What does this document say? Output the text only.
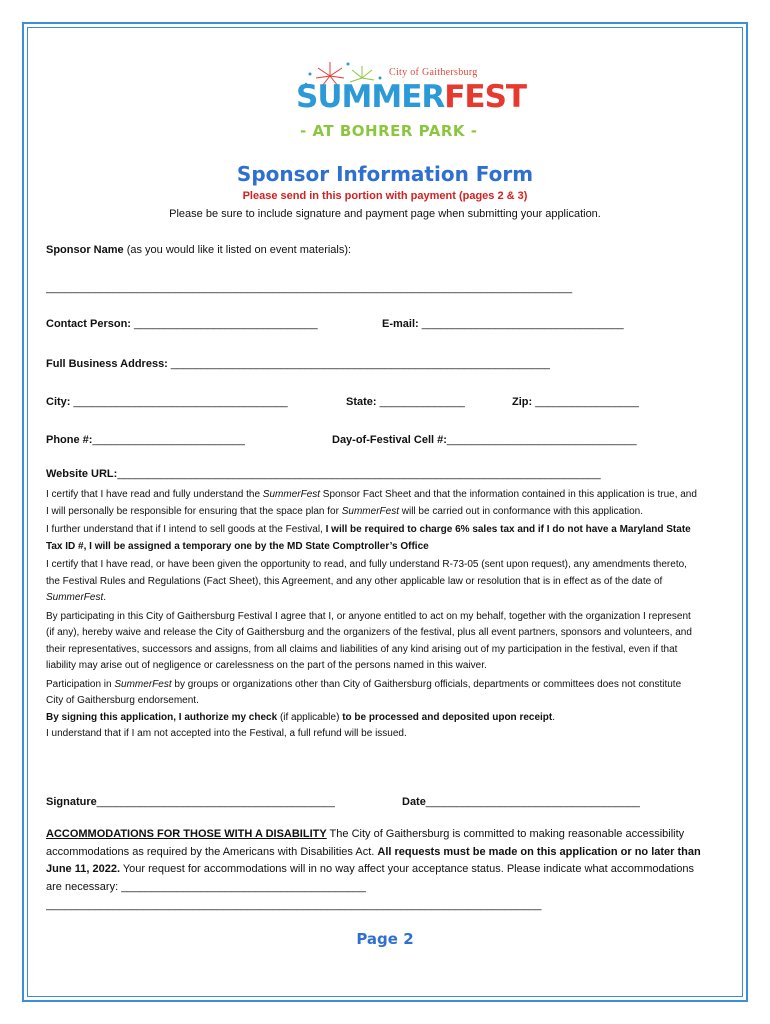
City of Gaithersburg
SUMMERFEST
- AT BOHRER PARK -
Sponsor Information Form
Please send in this portion with payment (pages 2 & 3)
Please be sure to include signature and payment page when submitting your application.
Sponsor Name (as you would like it listed on event materials):
______________________________________________________________________________________
Contact Person: ______________________________	E-mail: _________________________________
Full Business Address: ______________________________________________________________
City: ___________________________________	State: ______________	Zip: _________________
Phone #:_________________________	Day-of-Festival Cell #:_______________________________
Website URL:_______________________________________________________________________________

I certify that I have read and fully understand the SummerFest Sponsor Fact Sheet and that the information contained in this application is true, and I will personally be responsible for ensuring that the space plan for SummerFest will be carried out in conformance with this application.

I further understand that if I intend to sell goods at the Festival, I will be required to charge 6% sales tax and if I do not have a Maryland State Tax ID #, I will be assigned a temporary one by the MD State Comptroller’s Office

I certify that I have read, or have been given the opportunity to read, and fully understand R-73-05 (sent upon request), any amendments thereto, the Festival Rules and Regulations (Fact Sheet), this Agreement, and any other applicable law or resolution that is in effect as of the date of SummerFest.

By participating in this City of Gaithersburg Festival I agree that I, or anyone entitled to act on my behalf, together with the organization I represent (if any), hereby waive and release the City of Gaithersburg and the organizers of the festival, plus all event partners, sponsors and volunteers, and their representatives, successors and assigns, from all claims and liabilities of any kind arising out of my participation in the festival, even if that liability may arise out of negligence or carelessness on the part of the persons named in this waiver.

Participation in SummerFest by groups or organizations other than City of Gaithersburg officials, departments or committees does not constitute City of Gaithersburg endorsement.

By signing this application, I authorize my check (if applicable) to be processed and deposited upon receipt.

I understand that if I am not accepted into the Festival, a full refund will be issued.

Signature_______________________________________	Date___________________________________
ACCOMMODATIONS FOR THOSE WITH A DISABILITY The City of Gaithersburg is committed to making reasonable accessibility accommodations as required by the Americans with Disabilities Act. All requests must be made on this application or no later than June 11, 2022. Your request for accommodations will in no way affect your acceptance status. Please indicate what accommodations are necessary: ________________________________________
_________________________________________________________________________________
Page 2
